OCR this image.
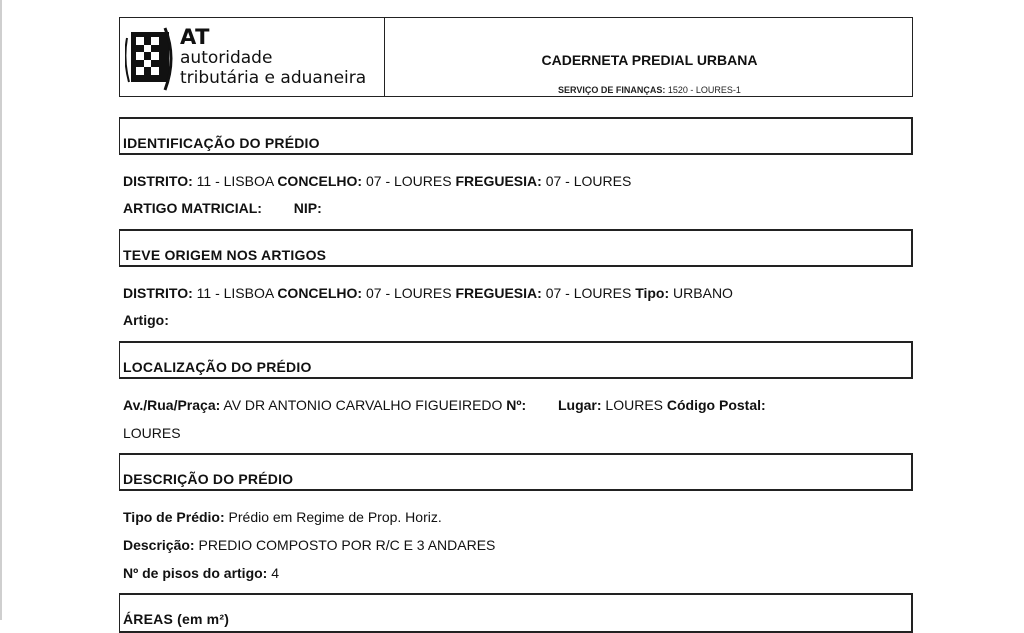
AT
autoridade
tributária e aduaneira
CADERNETA PREDIAL URBANA
SERVIÇO DE FINANÇAS: 1520 - LOURES-1
IDENTIFICAÇÃO DO PRÉDIO
DISTRITO: 11 - LISBOA CONCELHO: 07 - LOURES FREGUESIA: 07 - LOURES
ARTIGO MATRICIAL: NIP:
TEVE ORIGEM NOS ARTIGOS
DISTRITO: 11 - LISBOA CONCELHO: 07 - LOURES FREGUESIA: 07 - LOURES Tipo: URBANO
Artigo:
LOCALIZAÇÃO DO PRÉDIO
Av./Rua/Praça: AV DR ANTONIO CARVALHO FIGUEIREDO Nº: Lugar: LOURES Código Postal:
LOURES
DESCRIÇÃO DO PRÉDIO
Tipo de Prédio: Prédio em Regime de Prop. Horiz.
Descrição: PREDIO COMPOSTO POR R/C E 3 ANDARES
Nº de pisos do artigo: 4
ÁREAS (em m²)
